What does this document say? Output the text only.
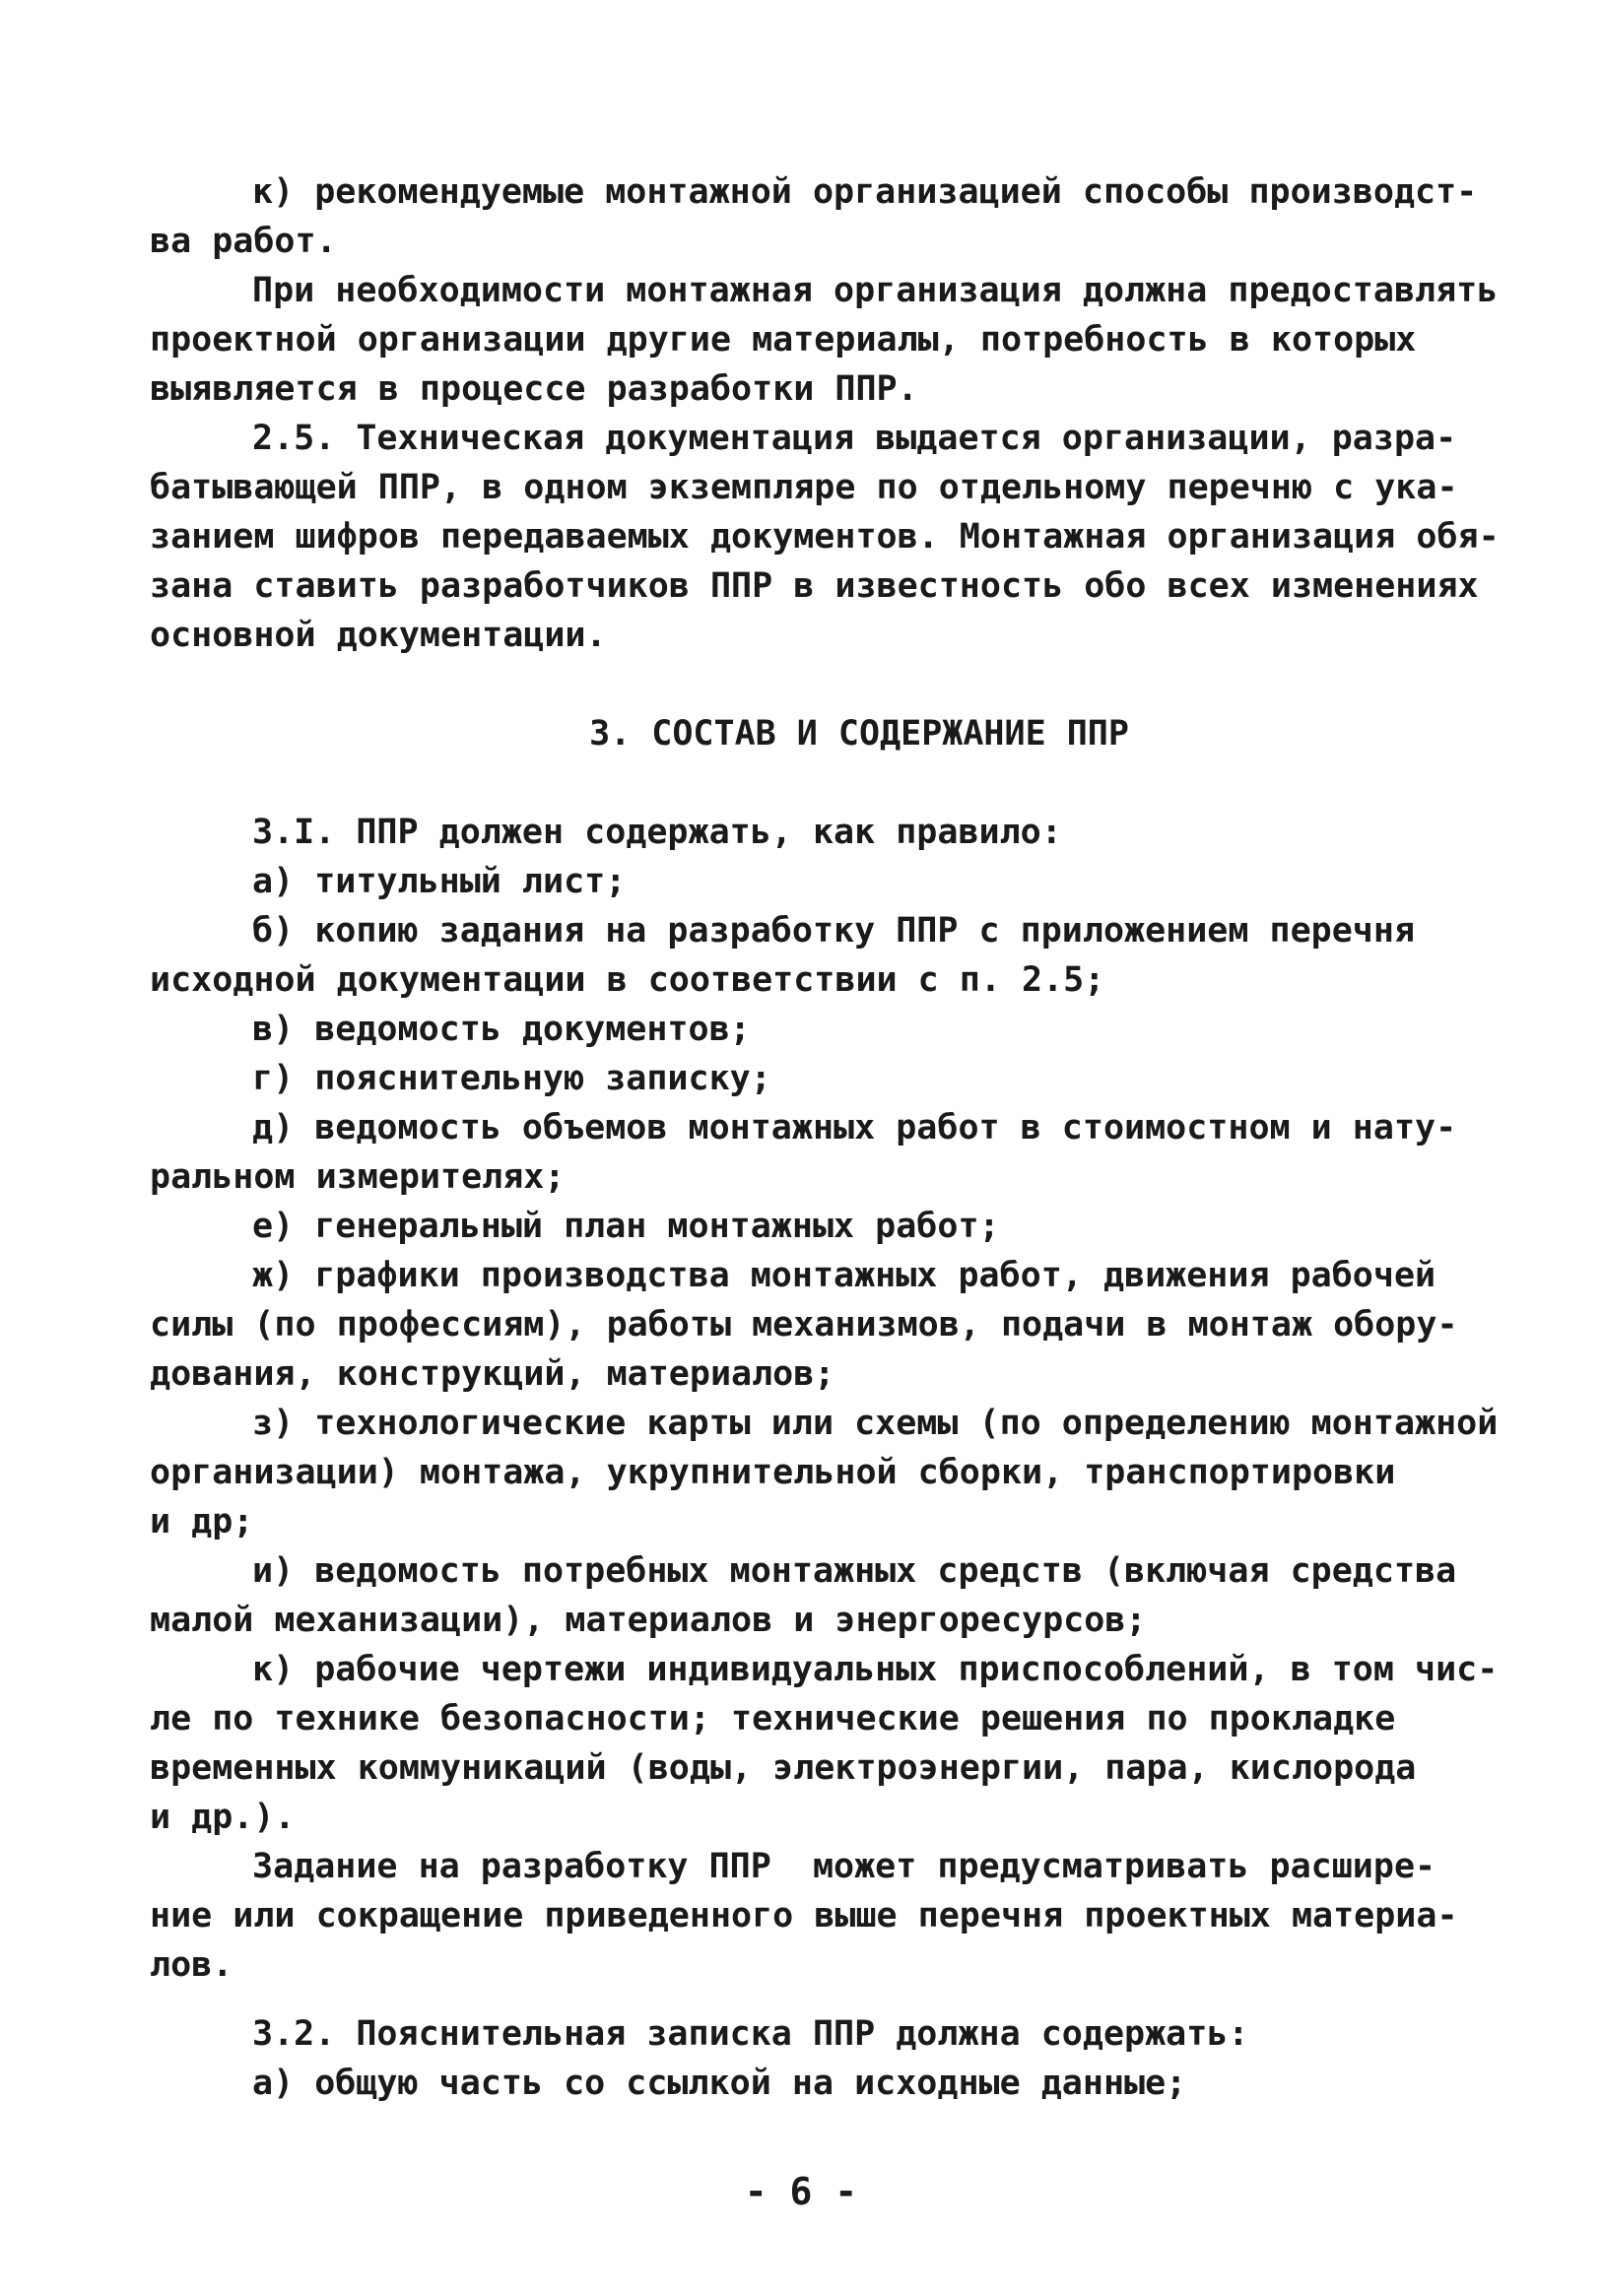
к) рекомендуемые монтажной организацией способы производст-
ва работ.
При необходимости монтажная организация должна предоставлять
проектной организации другие материалы, потребность в которых
выявляется в процессе разработки ППР.
2.5. Техническая документация выдается организации, разра-
батывающей ППР, в одном экземпляре по отдельному перечню с ука-
занием шифров передаваемых документов. Монтажная организация обя-
зана ставить разработчиков ППР в известность обо всех изменениях
основной документации.
3. СОСТАВ И СОДЕРЖАНИЕ ППР
3.I. ППР должен содержать, как правило:
а) титульный лист;
б) копию задания на разработку ППР с приложением перечня
исходной документации в соответствии с п. 2.5;
в) ведомость документов;
г) пояснительную записку;
д) ведомость объемов монтажных работ в стоимостном и нату-
ральном измерителях;
е) генеральный план монтажных работ;
ж) графики производства монтажных работ, движения рабочей
силы (по профессиям), работы механизмов, подачи в монтаж обору-
дования, конструкций, материалов;
з) технологические карты или схемы (по определению монтажной
организации) монтажа, укрупнительной сборки, транспортировки
и др;
и) ведомость потребных монтажных средств (включая средства
малой механизации), материалов и энергоресурсов;
к) рабочие чертежи индивидуальных приспособлений, в том чис-
ле по технике безопасности; технические решения по прокладке
временных коммуникаций (воды, электроэнергии, пара, кислорода
и др.).
Задание на разработку ППР  может предусматривать расшире-
ние или сокращение приведенного выше перечня проектных материа-
лов.
3.2. Пояснительная записка ППР должна содержать:
а) общую часть со ссылкой на исходные данные;
- 6 -
